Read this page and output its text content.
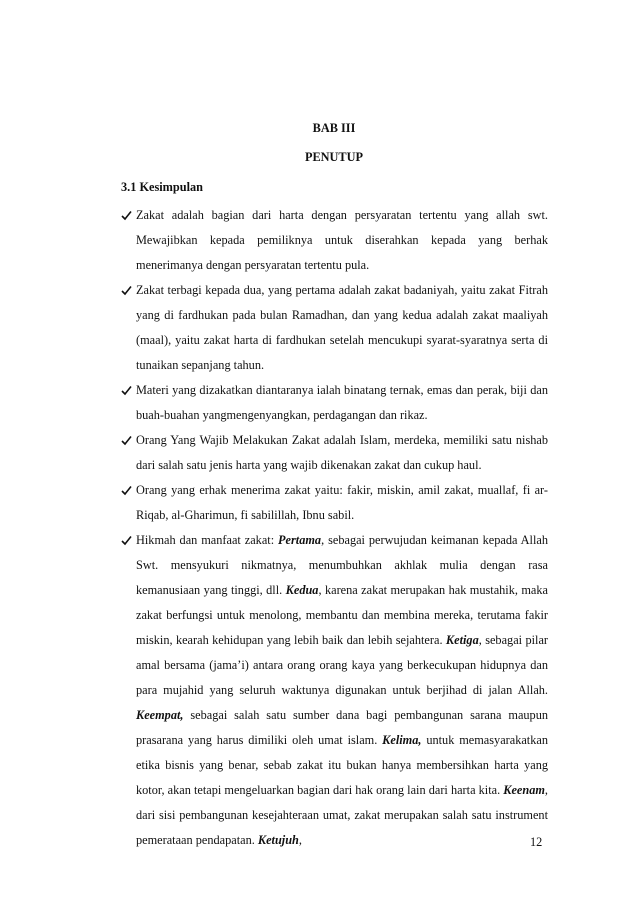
BAB III
PENUTUP
3.1 Kesimpulan
Zakat adalah bagian dari harta dengan persyaratan tertentu yang allah swt. Mewajibkan kepada pemiliknya untuk diserahkan kepada yang berhak menerimanya dengan persyaratan tertentu pula.
Zakat terbagi kepada dua, yang pertama adalah zakat badaniyah, yaitu zakat Fitrah yang di fardhukan pada bulan Ramadhan, dan yang kedua adalah zakat maaliyah (maal), yaitu zakat harta di fardhukan setelah mencukupi syarat-syaratnya serta di tunaikan sepanjang tahun.
Materi yang dizakatkan diantaranya ialah binatang ternak, emas dan perak, biji dan buah-buahan yangmengenyangkan, perdagangan dan rikaz.
Orang Yang Wajib Melakukan Zakat adalah Islam, merdeka, memiliki satu nishab dari salah satu jenis harta yang wajib dikenakan zakat dan cukup haul.
Orang yang erhak menerima zakat yaitu: fakir, miskin, amil zakat, muallaf, fi ar- Riqab, al-Gharimun, fi sabilillah, Ibnu sabil.
Hikmah dan manfaat zakat: Pertama, sebagai perwujudan keimanan kepada Allah Swt. mensyukuri nikmatnya, menumbuhkan akhlak mulia dengan rasa kemanusiaan yang tinggi, dll. Kedua, karena zakat merupakan hak mustahik, maka zakat berfungsi untuk menolong, membantu dan membina mereka, terutama fakir miskin, kearah kehidupan yang lebih baik dan lebih sejahtera. Ketiga, sebagai pilar amal bersama (jama’i) antara orang orang kaya yang berkecukupan hidupnya dan para mujahid yang seluruh waktunya digunakan untuk berjihad di jalan Allah. Keempat, sebagai salah satu sumber dana bagi pembangunan sarana maupun prasarana yang harus dimiliki oleh umat islam. Kelima, untuk memasyarakatkan etika bisnis yang benar, sebab zakat itu bukan hanya membersihkan harta yang kotor, akan tetapi mengeluarkan bagian dari hak orang lain dari harta kita. Keenam, dari sisi pembangunan kesejahteraan umat, zakat merupakan salah satu instrument pemerataan pendapatan. Ketujuh,	12
